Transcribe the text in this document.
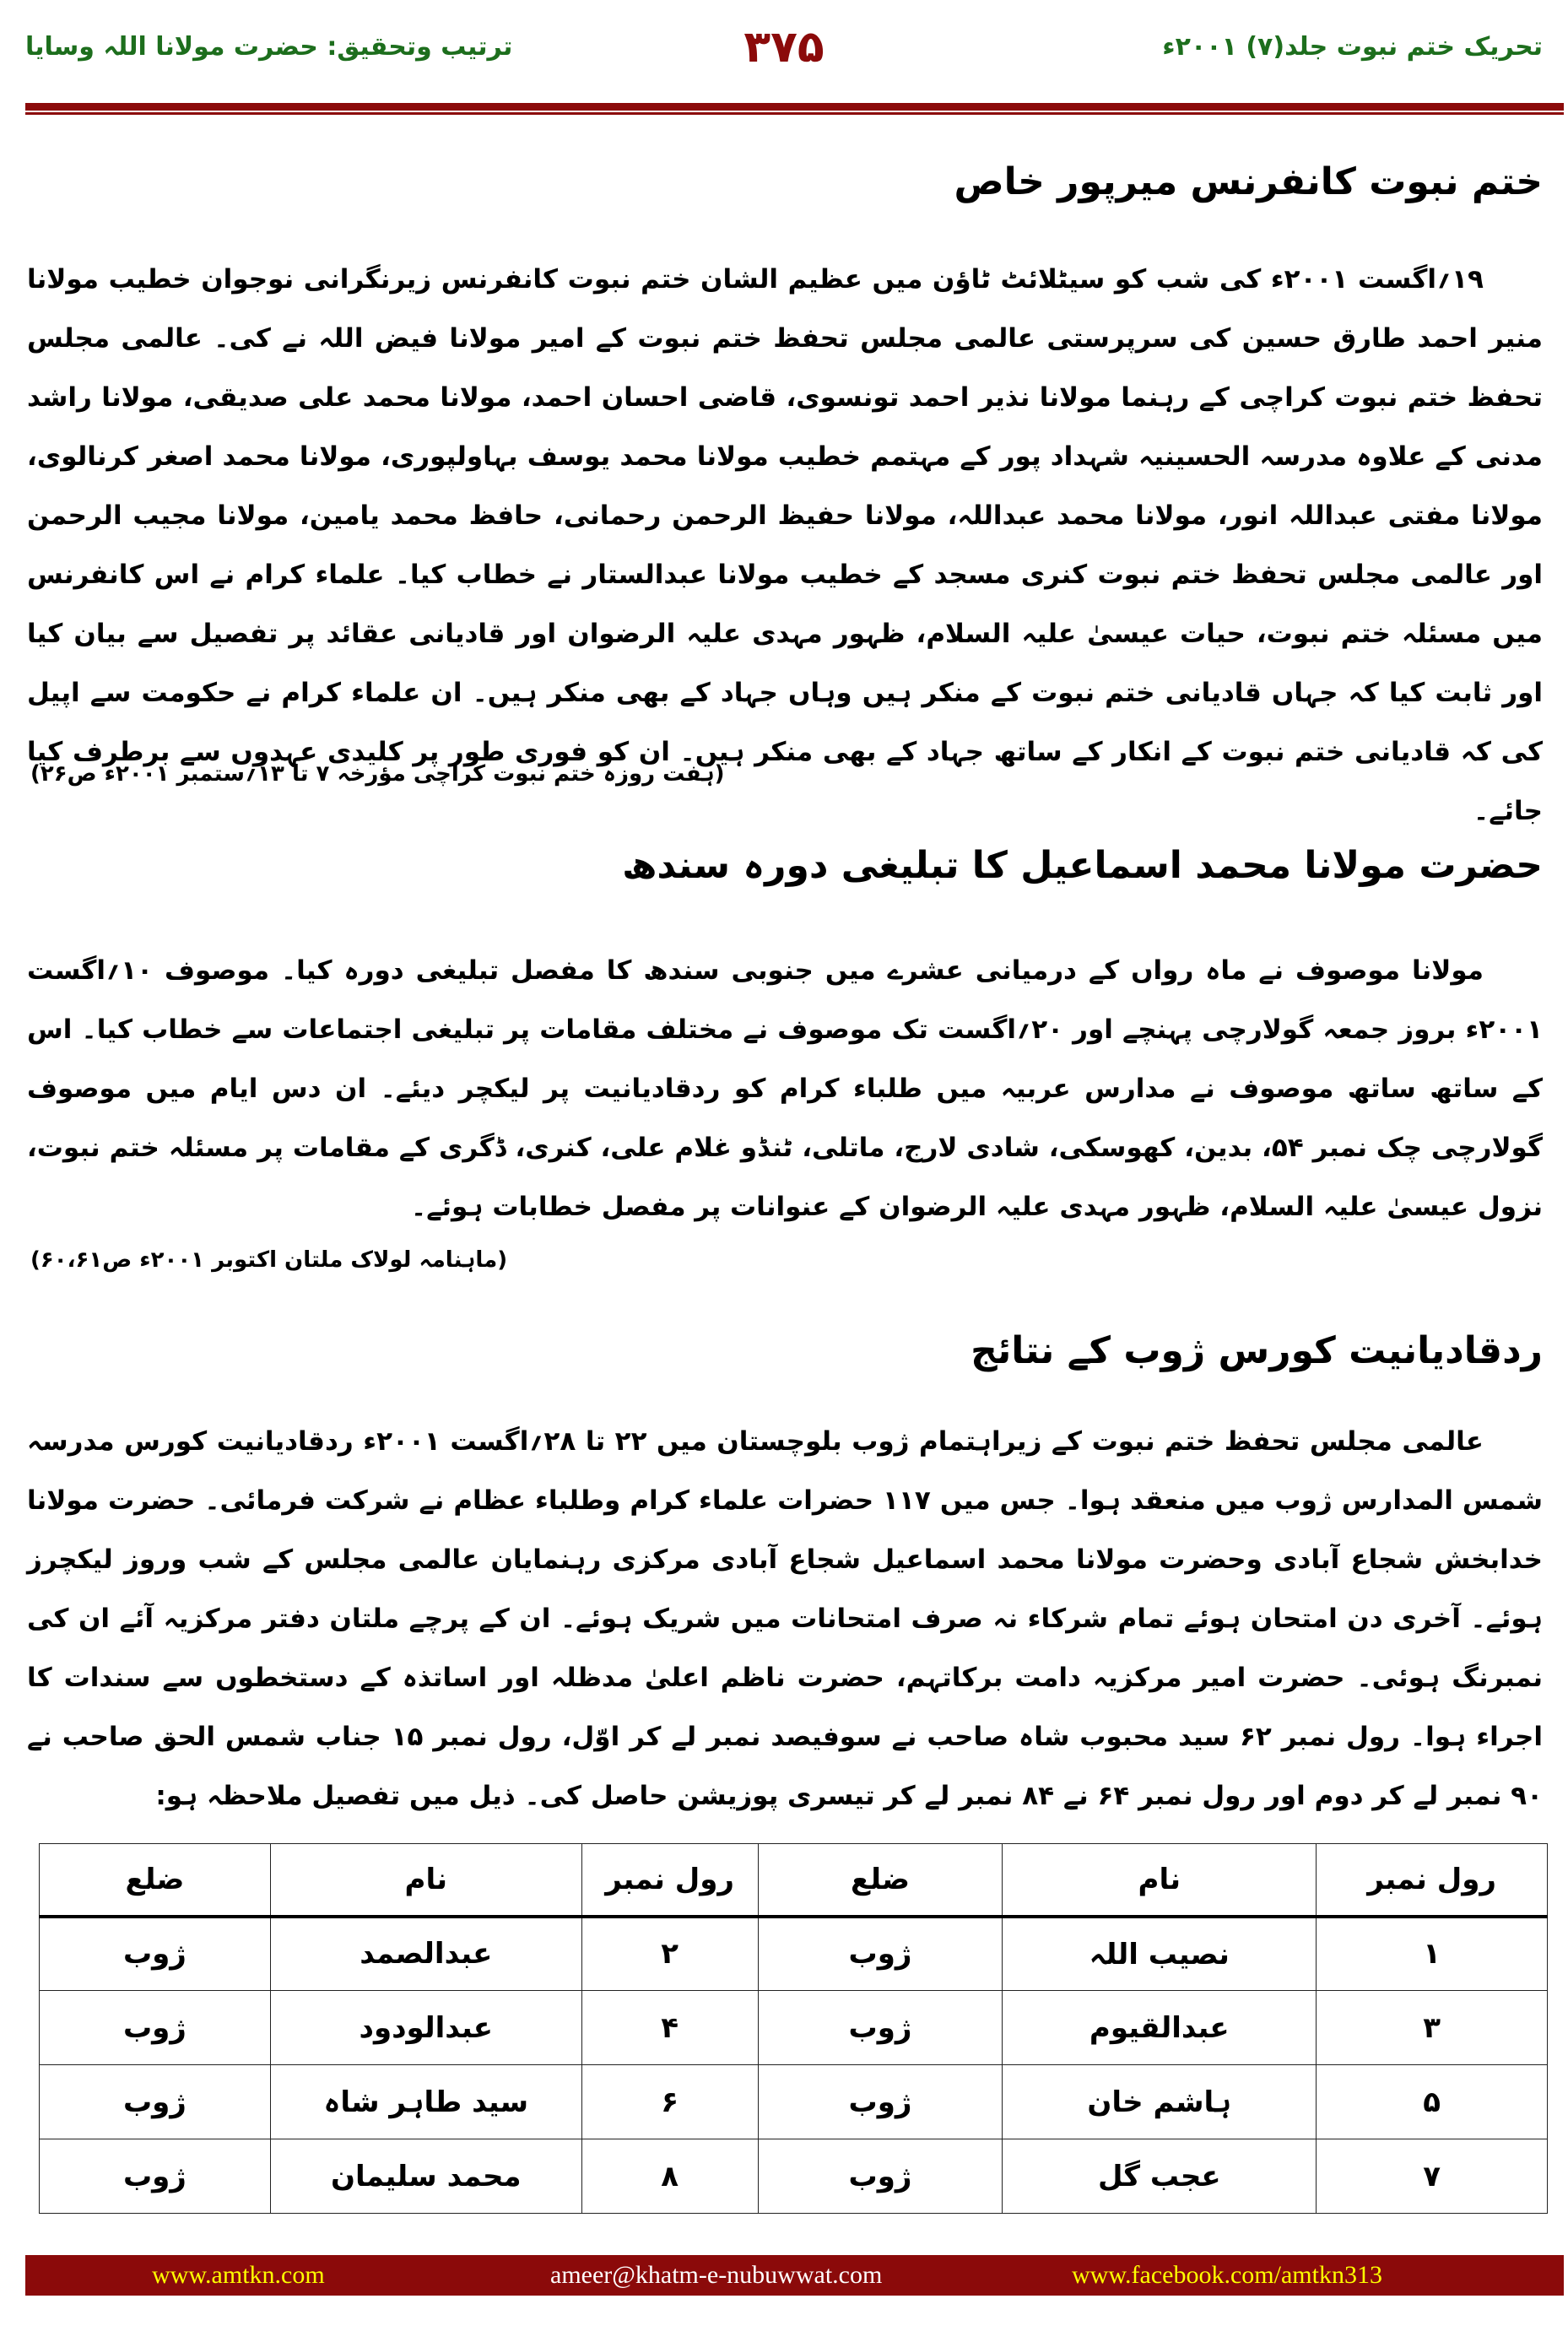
تحریک ختم نبوت جلد(۷) ۲۰۰۱ء
۳۷۵
ترتیب وتحقیق: حضرت مولانا اللہ وسایا
ختم نبوت کانفرنس میرپور خاص
۱۹؍اگست ۲۰۰۱ء کی شب کو سیٹلائٹ ٹاؤن میں عظیم الشان ختم نبوت کانفرنس زیرنگرانی نوجوان خطیب مولانا منیر احمد طارق حسین کی سرپرستی عالمی مجلس تحفظ ختم نبوت کے امیر مولانا فیض اللہ نے کی۔ عالمی مجلس تحفظ ختم نبوت کراچی کے رہنما مولانا نذیر احمد تونسوی، قاضی احسان احمد، مولانا محمد علی صدیقی، مولانا راشد مدنی کے علاوہ مدرسہ الحسینیہ شہداد پور کے مہتمم خطیب مولانا محمد یوسف بہاولپوری، مولانا محمد اصغر کرنالوی، مولانا مفتی عبداللہ انور، مولانا محمد عبداللہ، مولانا حفیظ الرحمن رحمانی، حافظ محمد یامین، مولانا مجیب الرحمن اور عالمی مجلس تحفظ ختم نبوت کنری مسجد کے خطیب مولانا عبدالستار نے خطاب کیا۔ علماء کرام نے اس کانفرنس میں مسئلہ ختم نبوت، حیات عیسیٰ علیہ السلام، ظہور مہدی علیہ الرضوان اور قادیانی عقائد پر تفصیل سے بیان کیا اور ثابت کیا کہ جہاں قادیانی ختم نبوت کے منکر ہیں وہاں جہاد کے بھی منکر ہیں۔ ان علماء کرام نے حکومت سے اپیل کی کہ قادیانی ختم نبوت کے انکار کے ساتھ جہاد کے بھی منکر ہیں۔ ان کو فوری طور پر کلیدی عہدوں سے برطرف کیا جائے۔
(ہفت روزہ ختم نبوت کراچی مؤرخہ ۷ تا ۱۳؍ستمبر ۲۰۰۱ء ص۲۶)
حضرت مولانا محمد اسماعیل کا تبلیغی دورہ سندھ
مولانا موصوف نے ماہ رواں کے درمیانی عشرے میں جنوبی سندھ کا مفصل تبلیغی دورہ کیا۔ موصوف ۱۰؍اگست ۲۰۰۱ء بروز جمعہ گولارچی پہنچے اور ۲۰؍اگست تک موصوف نے مختلف مقامات پر تبلیغی اجتماعات سے خطاب کیا۔ اس کے ساتھ ساتھ موصوف نے مدارس عربیہ میں طلباء کرام کو ردقادیانیت پر لیکچر دیئے۔ ان دس ایام میں موصوف گولارچی چک نمبر ۵۴، بدین، کھوسکی، شادی لارج، ماتلی، ٹنڈو غلام علی، کنری، ڈگری کے مقامات پر مسئلہ ختم نبوت، نزول عیسیٰ علیہ السلام، ظہور مہدی علیہ الرضوان کے عنوانات پر مفصل خطابات ہوئے۔
(ماہنامہ لولاک ملتان اکتوبر ۲۰۰۱ء ص۶۰،۶۱)
ردقادیانیت کورس ژوب کے نتائج
عالمی مجلس تحفظ ختم نبوت کے زیراہتمام ژوب بلوچستان میں ۲۲ تا ۲۸؍اگست ۲۰۰۱ء ردقادیانیت کورس مدرسہ شمس المدارس ژوب میں منعقد ہوا۔ جس میں ۱۱۷ حضرات علماء کرام وطلباء عظام نے شرکت فرمائی۔ حضرت مولانا خدابخش شجاع آبادی وحضرت مولانا محمد اسماعیل شجاع آبادی مرکزی رہنمایان عالمی مجلس کے شب وروز لیکچرز ہوئے۔ آخری دن امتحان ہوئے تمام شرکاء نہ صرف امتحانات میں شریک ہوئے۔ ان کے پرچے ملتان دفتر مرکزیہ آئے ان کی نمبرنگ ہوئی۔ حضرت امیر مرکزیہ دامت برکاتہم، حضرت ناظم اعلیٰ مدظلہ اور اساتذہ کے دستخطوں سے سندات کا اجراء ہوا۔ رول نمبر ۶۲ سید محبوب شاہ صاحب نے سوفیصد نمبر لے کر اوّل، رول نمبر ۱۵ جناب شمس الحق صاحب نے ۹۰ نمبر لے کر دوم اور رول نمبر ۶۴ نے ۸۴ نمبر لے کر تیسری پوزیشن حاصل کی۔ ذیل میں تفصیل ملاحظہ ہو:
رول نمبر	نام	ضلع	رول نمبر	نام	ضلع
۱	نصیب اللہ	ژوب	۲	عبدالصمد	ژوب
۳	عبدالقیوم	ژوب	۴	عبدالودود	ژوب
۵	ہاشم خان	ژوب	۶	سید طاہر شاہ	ژوب
۷	عجب گل	ژوب	۸	محمد سلیمان	ژوب
www.amtkn.com	ameer@khatm-e-nubuwwat.com	www.facebook.com/amtkn313
